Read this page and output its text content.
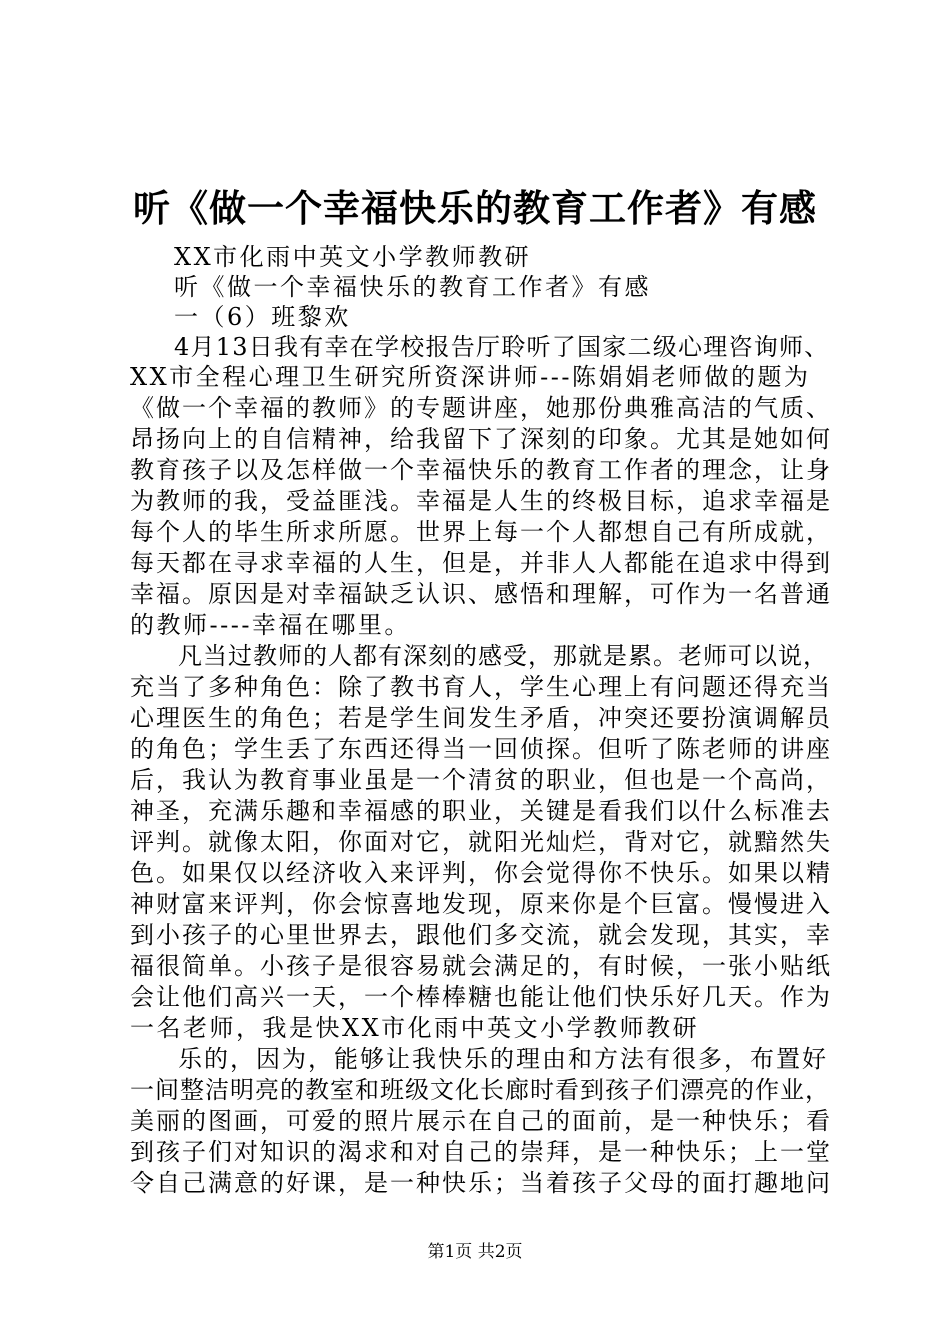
听《做一个幸福快乐的教育工作者》有感
XX市化雨中英文小学教师教研
听《做一个幸福快乐的教育工作者》有感
一（6）班黎欢
4月13日我有幸在学校报告厅聆听了国家二级心理咨询师、
XX市全程心理卫生研究所资深讲师---陈娟娟老师做的题为
《做一个幸福的教师》的专题讲座，她那份典雅高洁的气质、
昂扬向上的自信精神，给我留下了深刻的印象。尤其是她如何
教育孩子以及怎样做一个幸福快乐的教育工作者的理念，让身
为教师的我，受益匪浅。幸福是人生的终极目标，追求幸福是
每个人的毕生所求所愿。世界上每一个人都想自己有所成就，
每天都在寻求幸福的人生，但是，并非人人都能在追求中得到
幸福。原因是对幸福缺乏认识、感悟和理解，可作为一名普通
的教师----幸福在哪里。
凡当过教师的人都有深刻的感受，那就是累。老师可以说，
充当了多种角色：除了教书育人，学生心理上有问题还得充当
心理医生的角色；若是学生间发生矛盾，冲突还要扮演调解员
的角色；学生丢了东西还得当一回侦探。但听了陈老师的讲座
后，我认为教育事业虽是一个清贫的职业，但也是一个高尚，
神圣，充满乐趣和幸福感的职业，关键是看我们以什么标准去
评判。就像太阳，你面对它，就阳光灿烂，背对它，就黯然失
色。如果仅以经济收入来评判，你会觉得你不快乐。如果以精
神财富来评判，你会惊喜地发现，原来你是个巨富。慢慢进入
到小孩子的心里世界去，跟他们多交流，就会发现，其实，幸
福很简单。小孩子是很容易就会满足的，有时候，一张小贴纸
会让他们高兴一天，一个棒棒糖也能让他们快乐好几天。作为
一名老师，我是快XX市化雨中英文小学教师教研
乐的，因为，能够让我快乐的理由和方法有很多，布置好
一间整洁明亮的教室和班级文化长廊时看到孩子们漂亮的作业，
美丽的图画，可爱的照片展示在自己的面前，是一种快乐；看
到孩子们对知识的渴求和对自己的崇拜，是一种快乐；上一堂
令自己满意的好课，是一种快乐；当着孩子父母的面打趣地问
第1页 共2页
